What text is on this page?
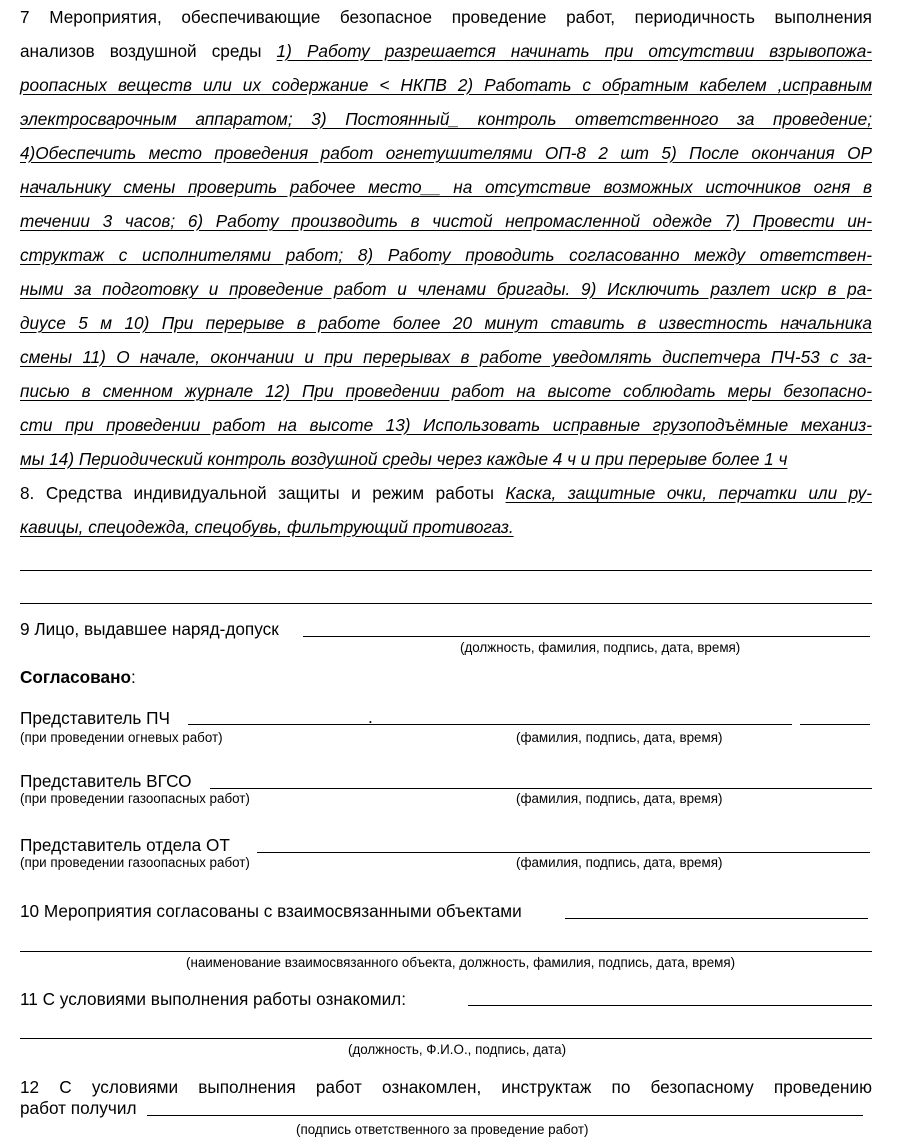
7 Мероприятия, обеспечивающие безопасное проведение работ, периодичность выполнения
анализов воздушной среды 1) Работу разрешается начинать при отсутствии взрывопожа-
роопасных веществ или их содержание < НКПВ 2) Работать с обратным кабелем ,исправным
электросварочным аппаратом; 3) Постоянный_ контроль ответственного за проведение;
4)Обеспечить место проведения работ огнетушителями ОП-8 2 шт 5) После окончания ОР
начальнику смены проверить рабочее место__ на отсутствие возможных источников огня в
течении 3 часов; 6) Работу производить в чистой непромасленной одежде 7) Провести ин-
структаж с исполнителями работ; 8) Работу проводить согласованно между ответствен-
ными за подготовку и проведение работ и членами бригады. 9) Исключить разлет искр в ра-
диусе 5 м 10) При перерыве в работе более 20 минут ставить в известность начальника
смены 11) О начале, окончании и при перерывах в работе уведомлять диспетчера ПЧ-53 с за-
писью в сменном журнале 12) При проведении работ на высоте соблюдать меры безопасно-
сти при проведении работ на высоте 13) Использовать исправные грузоподъёмные механиз-
мы 14) Периодический контроль воздушной среды через каждые 4 ч и при перерыве более 1 ч
8. Средства индивидуальной защиты и режим работы Каска, защитные очки, перчатки или ру-
кавицы, спецодежда, спецобувь, фильтрующий противогаз.
9 Лицо, выдавшее наряд-допуск
(должность, фамилия, подпись, дата, время)
Согласовано:
Представитель ПЧ	.
(при проведении огневых работ)	(фамилия, подпись, дата, время)
Представитель ВГСО
(при проведении газоопасных работ)	(фамилия, подпись, дата, время)
Представитель отдела ОТ
(при проведении газоопасных работ)	(фамилия, подпись, дата, время)
10 Мероприятия согласованы с взаимосвязанными объектами
(наименование взаимосвязанного объекта, должность, фамилия, подпись, дата, время)
11 С условиями выполнения работы ознакомил:
(должность, Ф.И.О., подпись, дата)
12 С условиями выполнения работ ознакомлен, инструктаж по безопасному проведению
работ получил
(подпись ответственного за проведение работ)
